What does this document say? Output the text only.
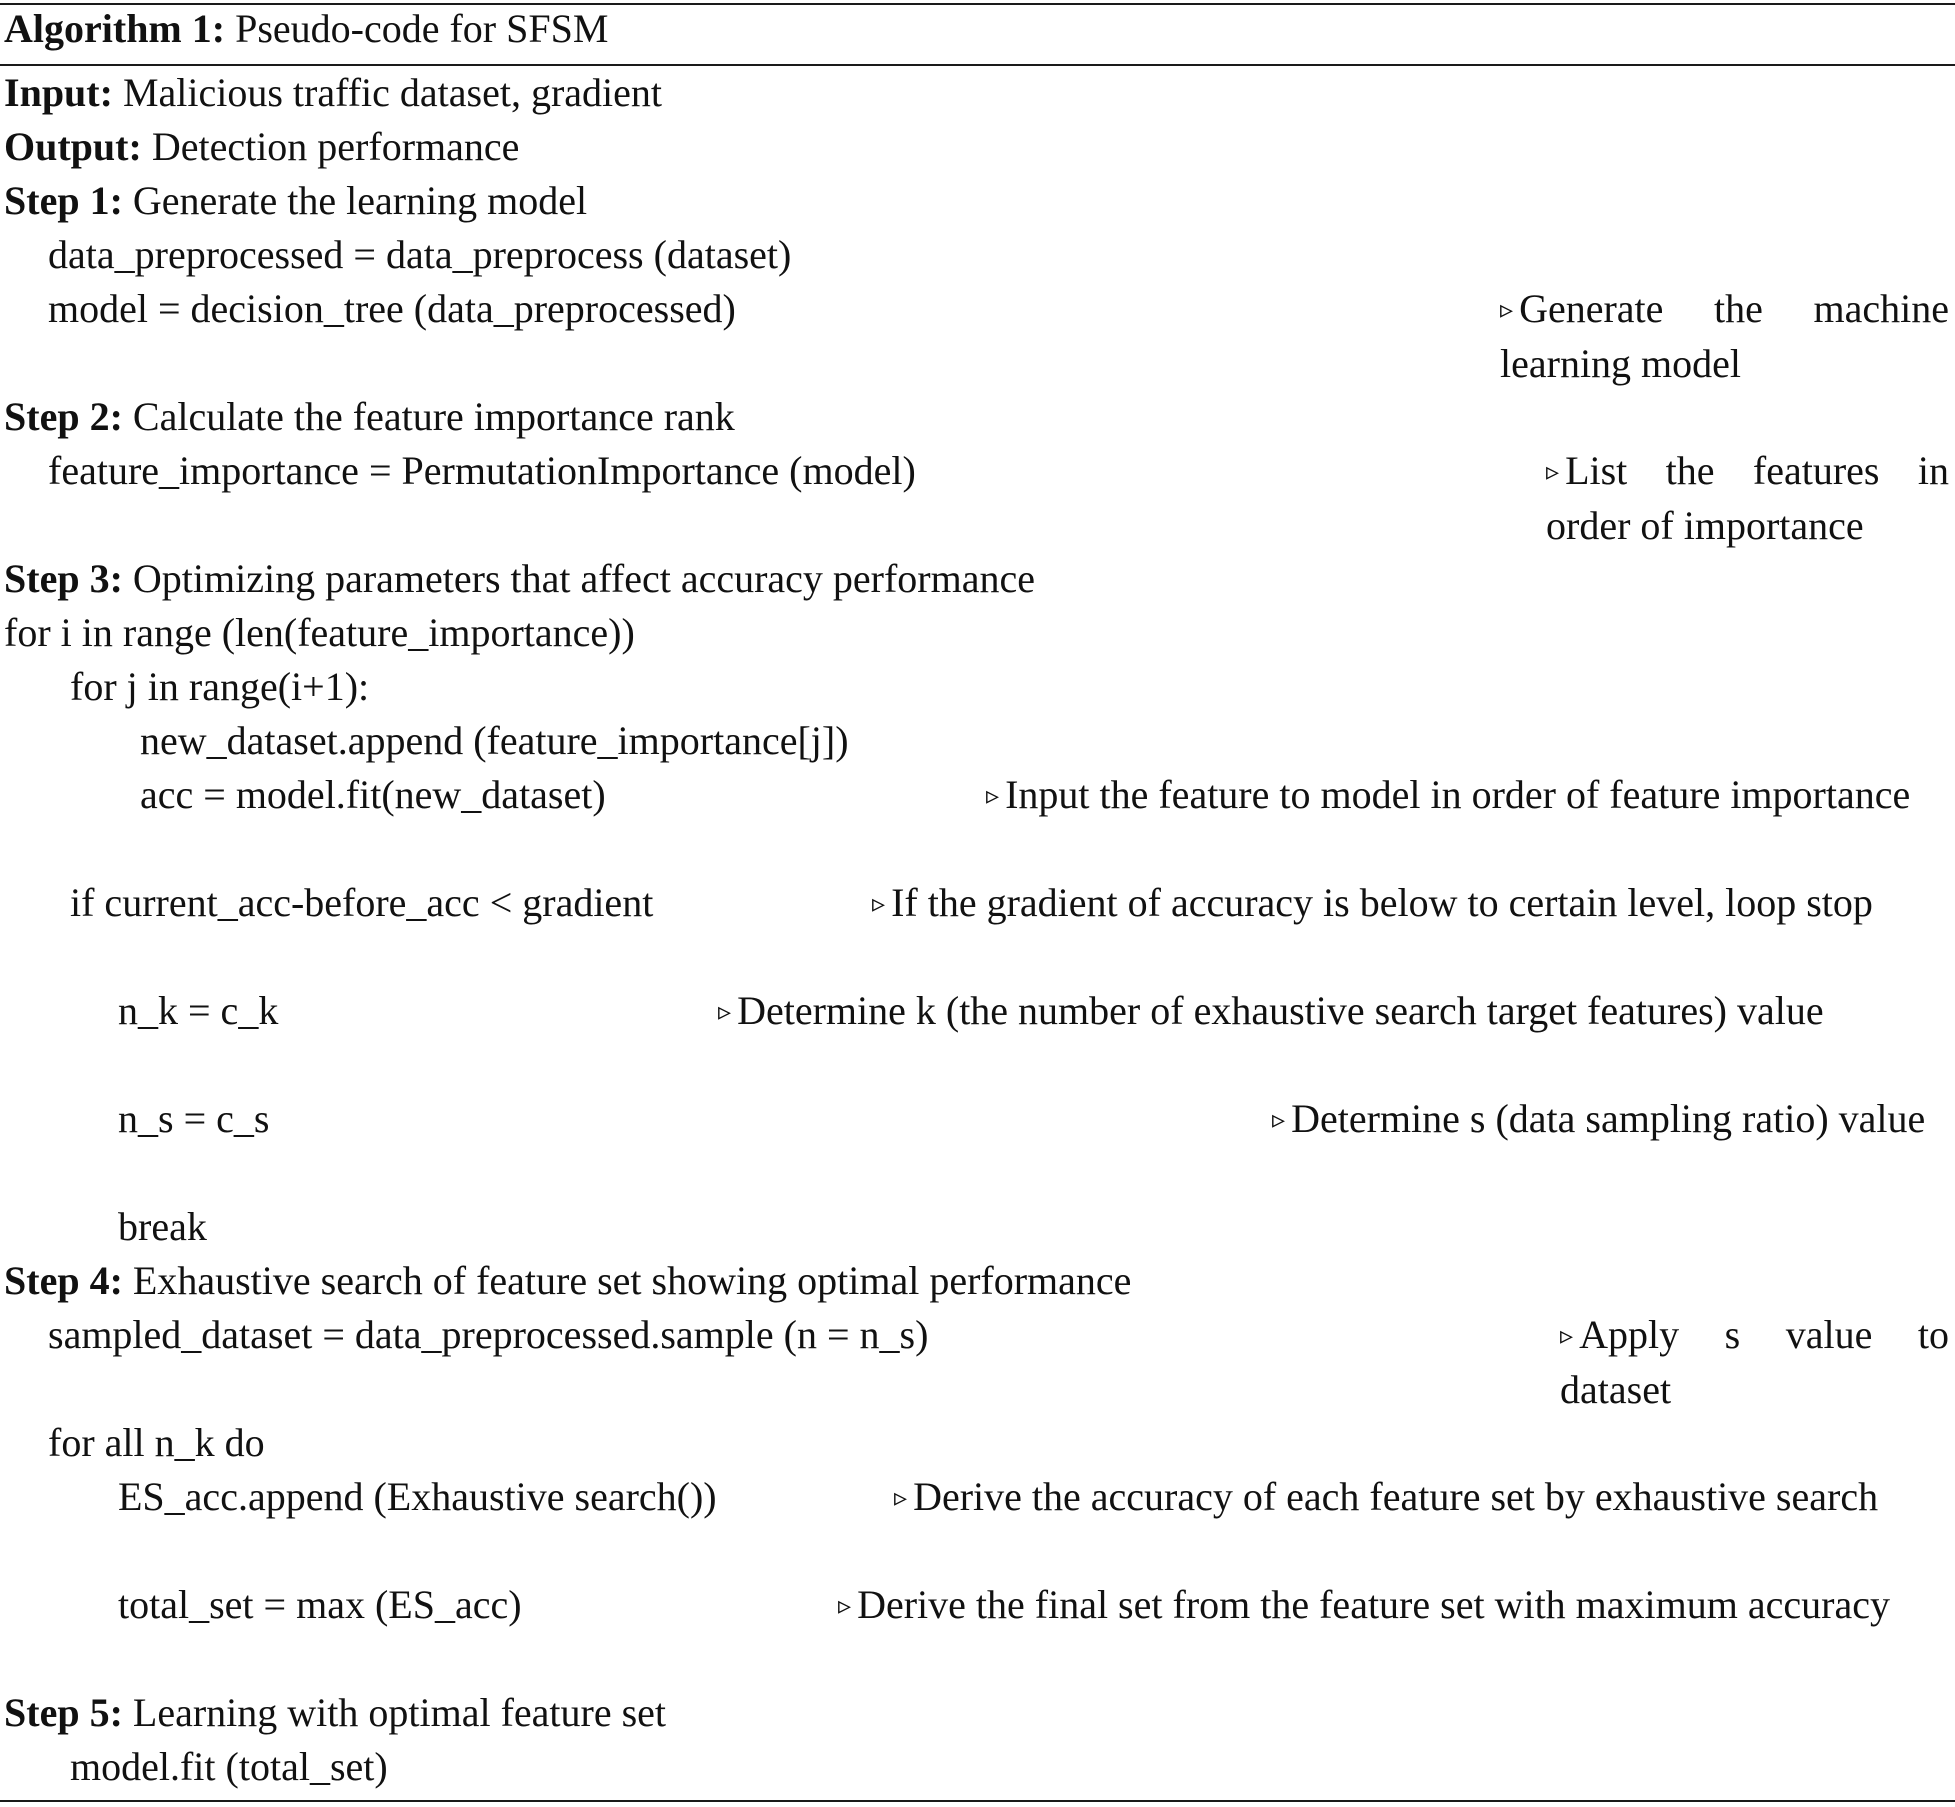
Algorithm 1: Pseudo-code for SFSM
Input: Malicious traffic dataset, gradient
Output: Detection performance
Step 1: Generate the learning model
data_preprocessed = data_preprocess (dataset)
model = decision_tree (data_preprocessed)	▹ Generate the machine learning model
Step 2: Calculate the feature importance rank
feature_importance = PermutationImportance (model)	▹ List the features in order of importance
Step 3: Optimizing parameters that affect accuracy performance
for i in range (len(feature_importance))
for j in range(i+1):
new_dataset.append (feature_importance[j])
acc = model.fit(new_dataset)	▹ Input the feature to model in order of feature importance
if current_acc-before_acc < gradient	▹ If the gradient of accuracy is below to certain level, loop stop
n_k = c_k	▹ Determine k (the number of exhaustive search target features) value
n_s = c_s	▹ Determine s (data sampling ratio) value
break
Step 4: Exhaustive search of feature set showing optimal performance
sampled_dataset = data_preprocessed.sample (n = n_s)	▹ Apply s value to dataset
for all n_k do
ES_acc.append (Exhaustive search())	▹ Derive the accuracy of each feature set by exhaustive search
total_set = max (ES_acc)	▹ Derive the final set from the feature set with maximum accuracy
Step 5: Learning with optimal feature set
model.fit (total_set)
